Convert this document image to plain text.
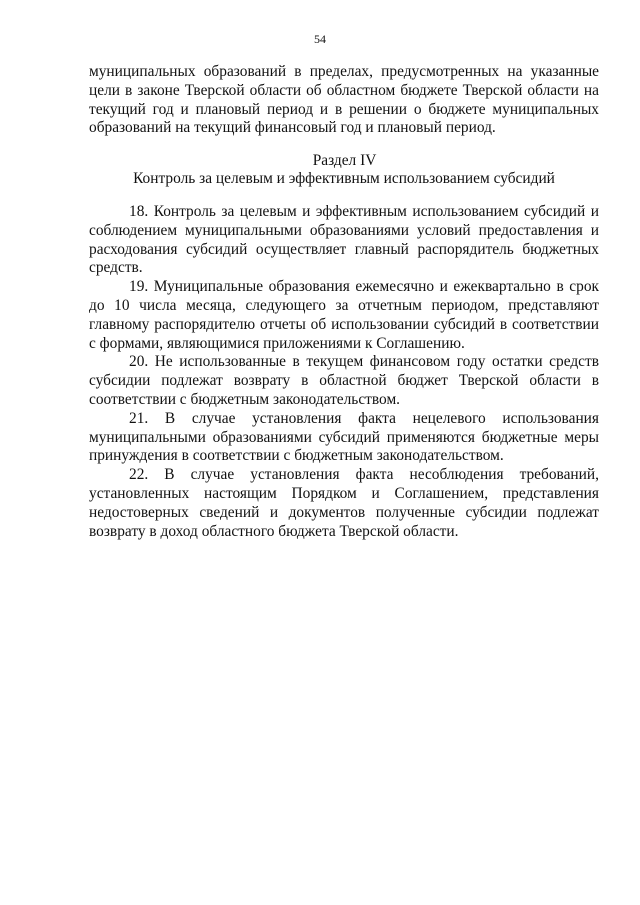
54

муниципальных образований в пределах, предусмотренных на указанные цели в законе Тверской области об областном бюджете Тверской области на текущий год и плановый период и в решении о бюджете муниципальных образований на текущий финансовый год и плановый период.

Раздел IV
Контроль за целевым и эффективным использованием субсидий

18. Контроль за целевым и эффективным использованием субсидий и соблюдением муниципальными образованиями условий предоставления и расходования субсидий осуществляет главный распорядитель бюджетных средств.

19. Муниципальные образования ежемесячно и ежеквартально в срок до 10 числа месяца, следующего за отчетным периодом, представляют главному распорядителю отчеты об использовании субсидий в соответствии с формами, являющимися приложениями к Соглашению.

20. Не использованные в текущем финансовом году остатки средств субсидии подлежат возврату в областной бюджет Тверской области в соответствии с бюджетным законодательством.

21. В случае установления факта нецелевого использования муниципальными образованиями субсидий применяются бюджетные меры принуждения в соответствии с бюджетным законодательством.

22. В случае установления факта несоблюдения требований, установленных настоящим Порядком и Соглашением, представления недостоверных сведений и документов полученные субсидии подлежат возврату в доход областного бюджета Тверской области.
